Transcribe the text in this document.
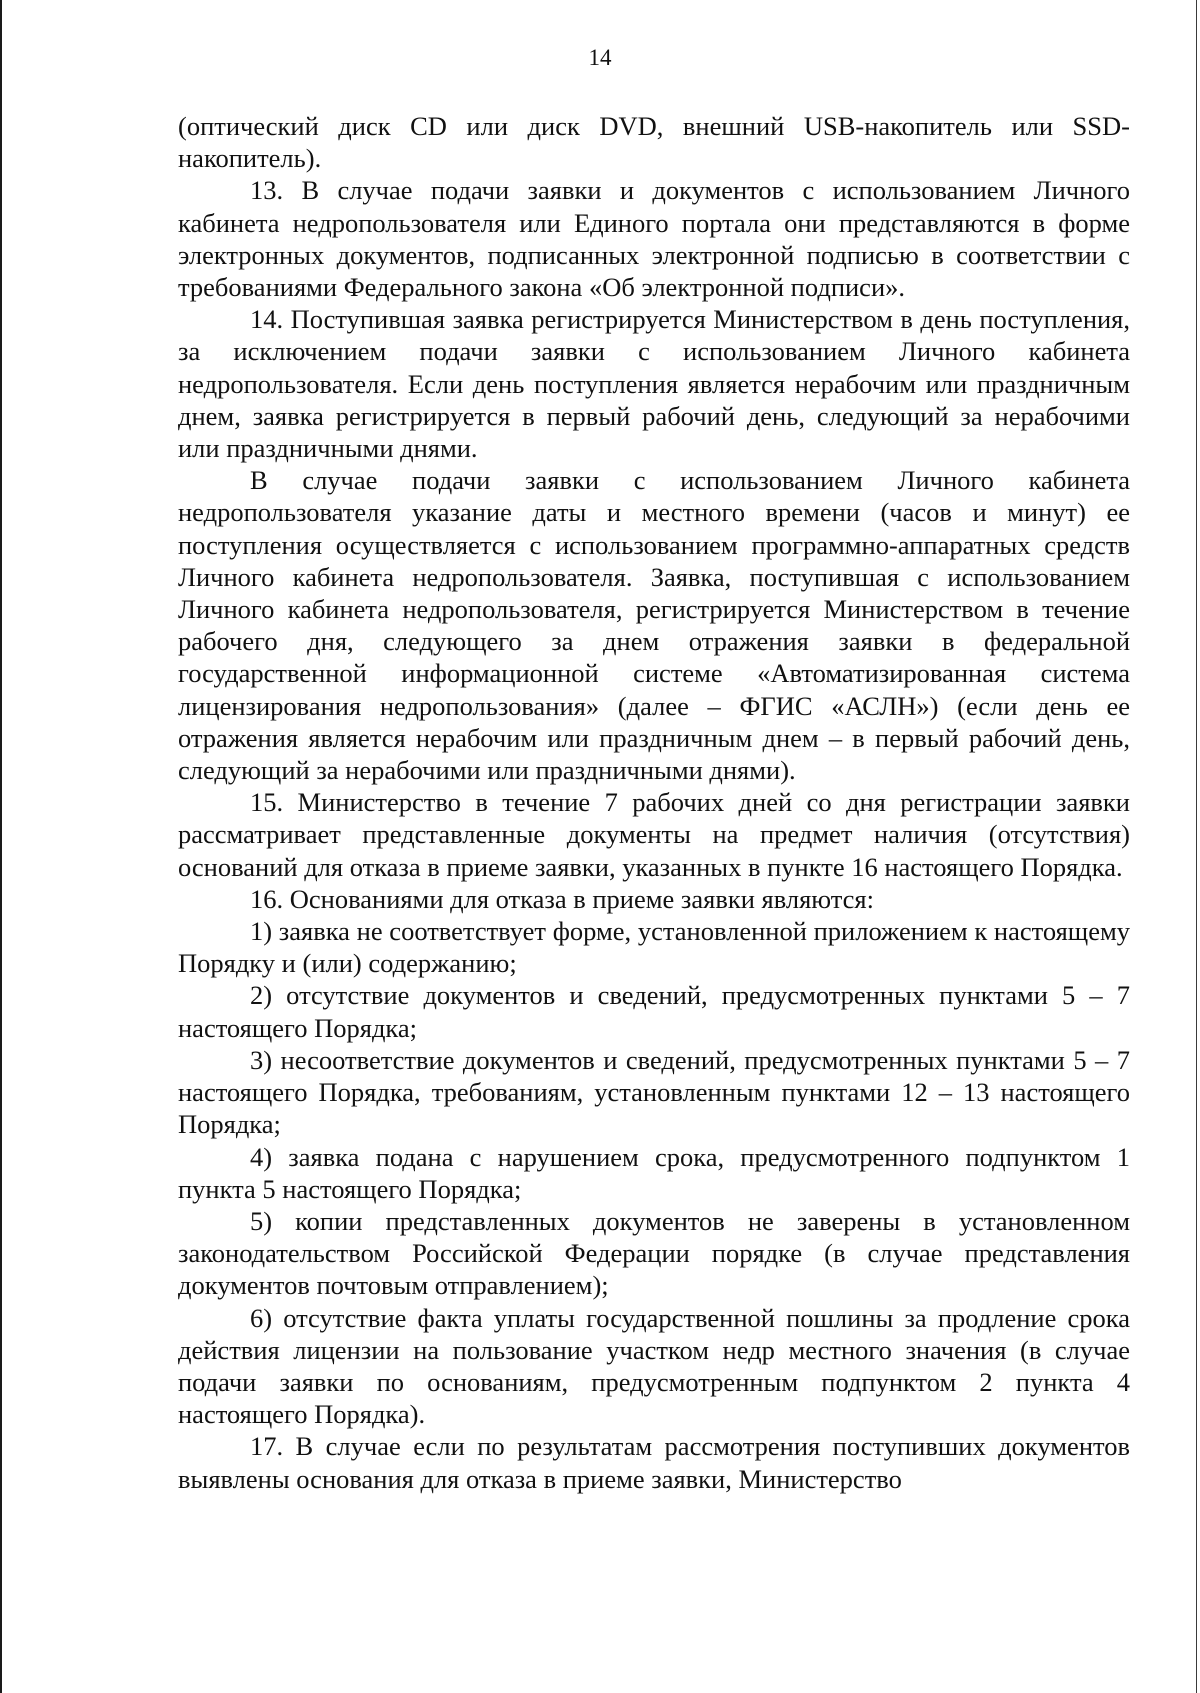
14

(оптический диск CD или диск DVD, внешний USB-накопитель или SSD-накопитель).

13. В случае подачи заявки и документов с использованием Личного кабинета недропользователя или Единого портала они представляются в форме электронных документов, подписанных электронной подписью в соответствии с требованиями Федерального закона «Об электронной подписи».

14. Поступившая заявка регистрируется Министерством в день поступления, за исключением подачи заявки с использованием Личного кабинета недропользователя. Если день поступления является нерабочим или праздничным днем, заявка регистрируется в первый рабочий день, следующий за нерабочими или праздничными днями.

В случае подачи заявки с использованием Личного кабинета недропользователя указание даты и местного времени (часов и минут) ее поступления осуществляется с использованием программно-аппаратных средств Личного кабинета недропользователя. Заявка, поступившая с использованием Личного кабинета недропользователя, регистрируется Министерством в течение рабочего дня, следующего за днем отражения заявки в федеральной государственной информационной системе «Автоматизированная система лицензирования недропользования» (далее – ФГИС «АСЛН») (если день ее отражения является нерабочим или праздничным днем – в первый рабочий день, следующий за нерабочими или праздничными днями).

15. Министерство в течение 7 рабочих дней со дня регистрации заявки рассматривает представленные документы на предмет наличия (отсутствия) оснований для отказа в приеме заявки, указанных в пункте 16 настоящего Порядка.

16. Основаниями для отказа в приеме заявки являются:

1) заявка не соответствует форме, установленной приложением к настоящему Порядку и (или) содержанию;

2) отсутствие документов и сведений, предусмотренных пунктами 5 – 7 настоящего Порядка;

3) несоответствие документов и сведений, предусмотренных пунктами 5 – 7 настоящего Порядка, требованиям, установленным пунктами 12 – 13 настоящего Порядка;

4) заявка подана с нарушением срока, предусмотренного подпунктом 1 пункта 5 настоящего Порядка;

5) копии представленных документов не заверены в установленном законодательством Российской Федерации порядке (в случае представления документов почтовым отправлением);

6) отсутствие факта уплаты государственной пошлины за продление срока действия лицензии на пользование участком недр местного значения (в случае подачи заявки по основаниям, предусмотренным подпунктом 2 пункта 4 настоящего Порядка).

17. В случае если по результатам рассмотрения поступивших документов выявлены основания для отказа в приеме заявки, Министерство
